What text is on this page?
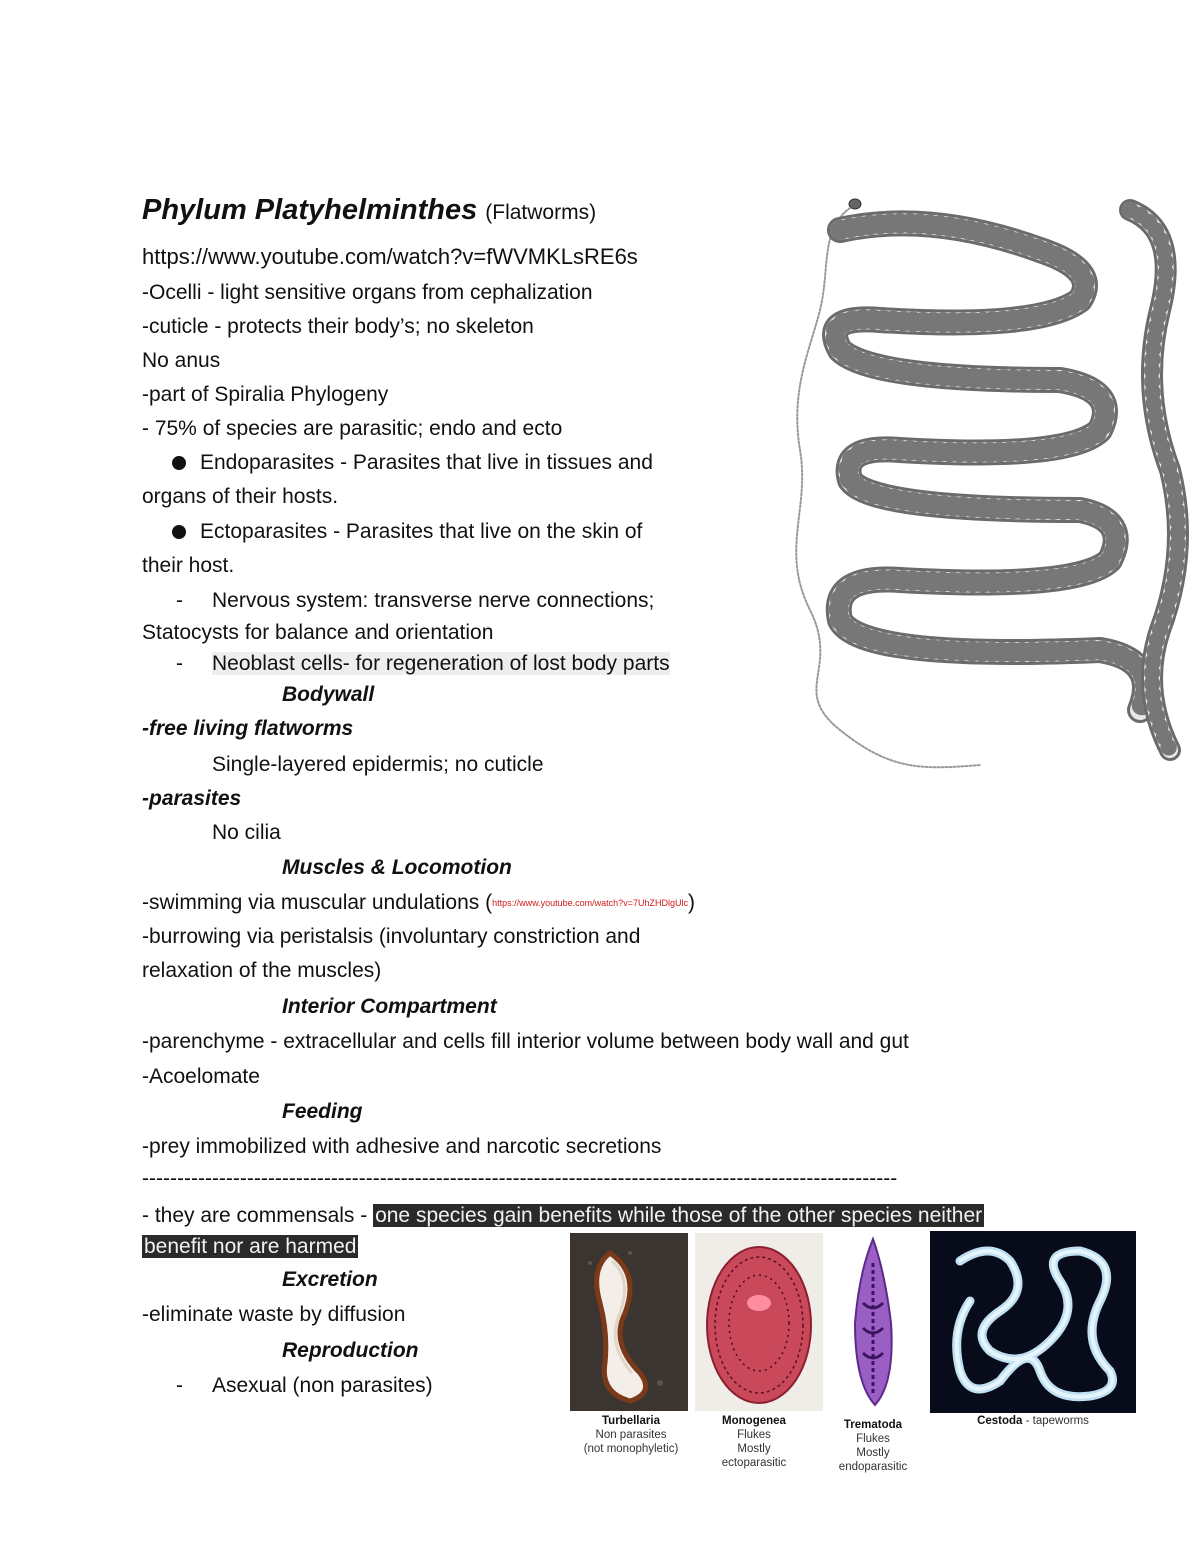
Phylum Platyhelminthes (Flatworms)
https://www.youtube.com/watch?v=fWVMKLsRE6s
-Ocelli - light sensitive organs from cephalization
-cuticle - protects their body’s; no skeleton
No anus
-part of Spiralia Phylogeny
- 75% of species are parasitic; endo and ecto
Endoparasites - Parasites that live in tissues and
organs of their hosts.
Ectoparasites - Parasites that live on the skin of
their host.
- Nervous system: transverse nerve connections;
Statocysts for balance and orientation
- Neoblast cells- for regeneration of lost body parts
Bodywall
-free living flatworms
Single-layered epidermis; no cuticle
-parasites
No cilia
Muscles & Locomotion
-swimming via muscular undulations (https://www.youtube.com/watch?v=7UhZHDlgUlc)
-burrowing via peristalsis (involuntary constriction and
relaxation of the muscles)
Interior Compartment
-parenchyme - extracellular and cells fill interior volume between body wall and gut
-Acoelomate
Feeding
-prey immobilized with adhesive and narcotic secretions
------------------------------------------------------------------------------------------------------------
- they are commensals - one species gain benefits while those of the other species neither
benefit nor are harmed
Excretion
-eliminate waste by diffusion
Reproduction
- Asexual (non parasites)
Turbellaria
Non parasites
(not monophyletic)
Monogenea
Flukes
Mostly
ectoparasitic
Trematoda
Flukes
Mostly
endoparasitic
Cestoda - tapeworms
